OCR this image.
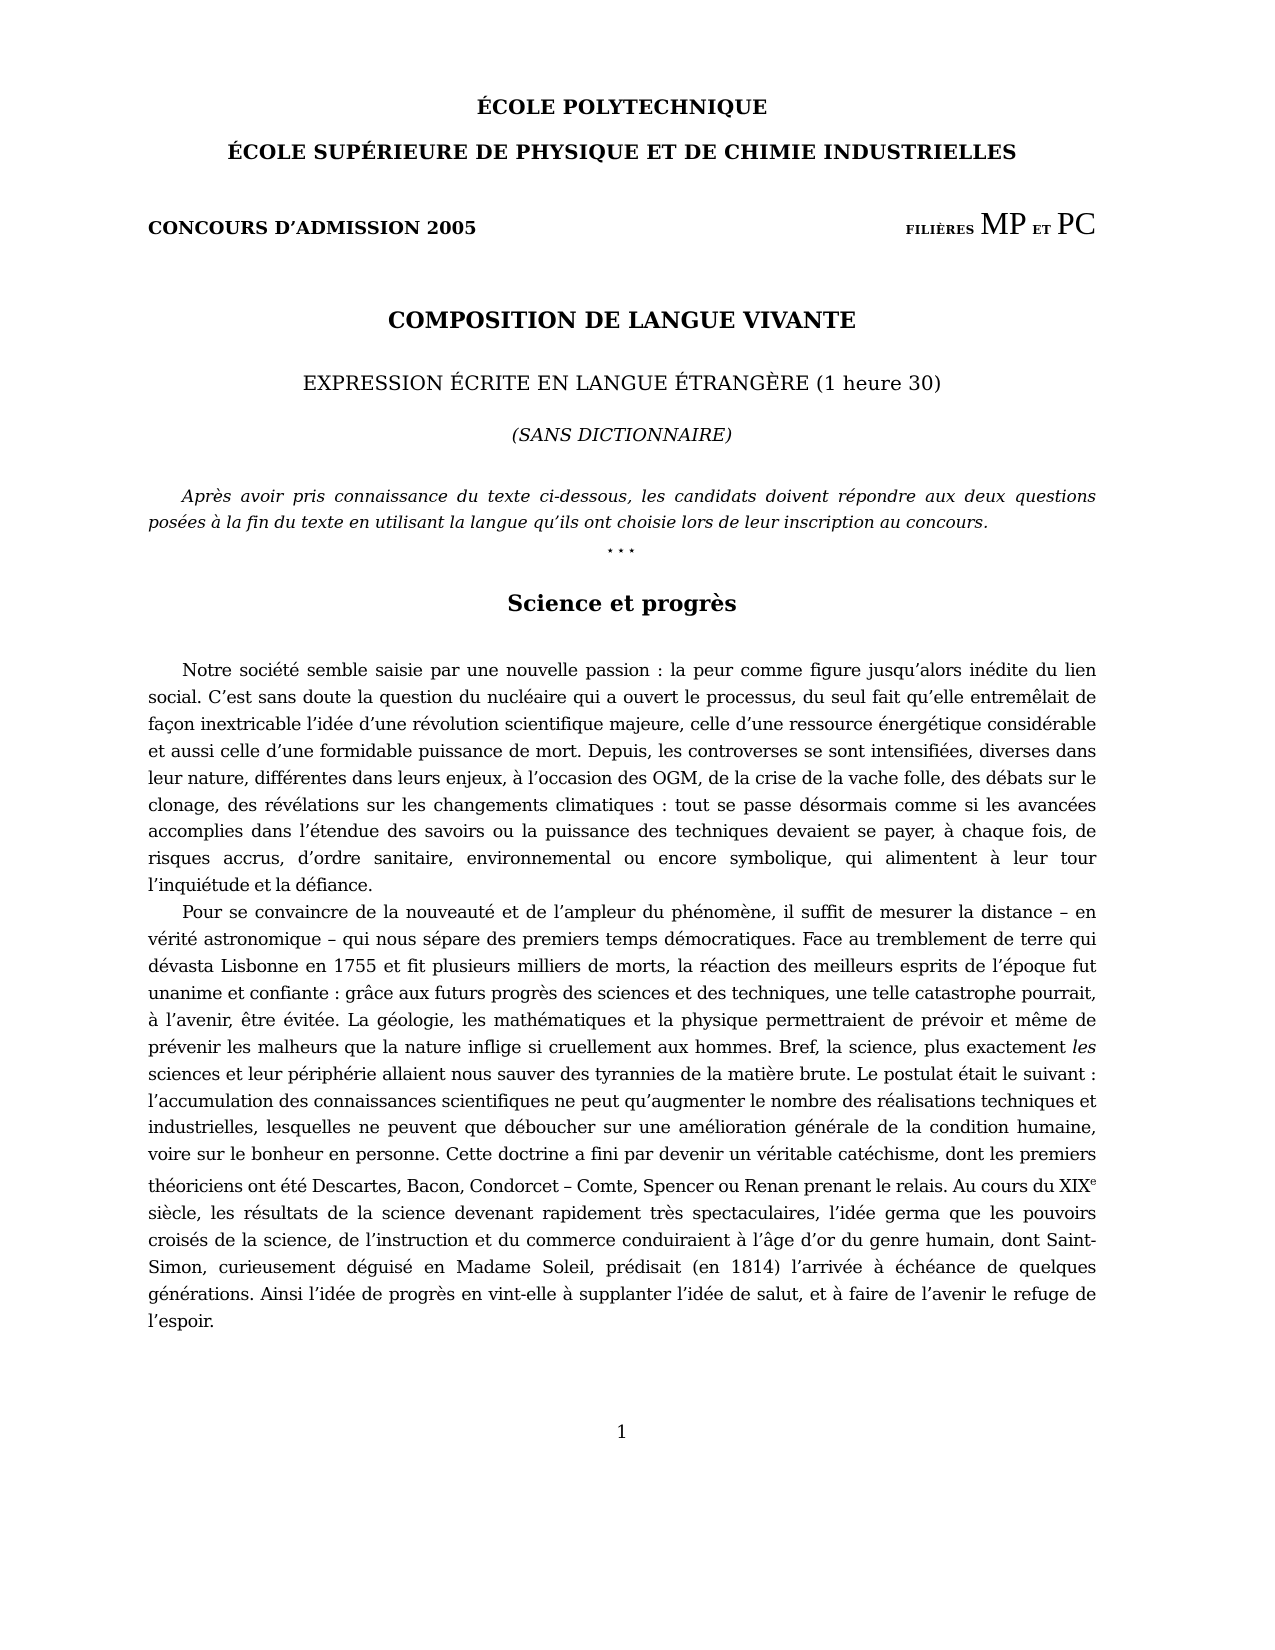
ÉCOLE POLYTECHNIQUE
ÉCOLE SUPÉRIEURE DE PHYSIQUE ET DE CHIMIE INDUSTRIELLES
CONCOURS D’ADMISSION 2005	filières MP et PC
COMPOSITION DE LANGUE VIVANTE
EXPRESSION ÉCRITE EN LANGUE ÉTRANGÈRE (1 heure 30)
(SANS DICTIONNAIRE)
Après avoir pris connaissance du texte ci-dessous, les candidats doivent répondre aux deux questions posées à la fin du texte en utilisant la langue qu’ils ont choisie lors de leur inscription au concours.
⋆⋆⋆
Science et progrès

Notre société semble saisie par une nouvelle passion : la peur comme figure jusqu’alors inédite du lien social. C’est sans doute la question du nucléaire qui a ouvert le processus, du seul fait qu’elle entremêlait de façon inextricable l’idée d’une révolution scientifique majeure, celle d’une ressource énergétique considérable et aussi celle d’une formidable puissance de mort. Depuis, les controverses se sont intensifiées, diverses dans leur nature, différentes dans leurs enjeux, à l’occasion des OGM, de la crise de la vache folle, des débats sur le clonage, des révélations sur les changements climatiques : tout se passe désormais comme si les avancées accomplies dans l’étendue des savoirs ou la puissance des techniques devaient se payer, à chaque fois, de risques accrus, d’ordre sanitaire, environnemental ou encore symbolique, qui alimentent à leur tour l’inquiétude et la défiance.

Pour se convaincre de la nouveauté et de l’ampleur du phénomène, il suffit de mesurer la distance – en vérité astronomique – qui nous sépare des premiers temps démocratiques. Face au tremblement de terre qui dévasta Lisbonne en 1755 et fit plusieurs milliers de morts, la réaction des meilleurs esprits de l’époque fut unanime et confiante : grâce aux futurs progrès des sciences et des techniques, une telle catastrophe pourrait, à l’avenir, être évitée. La géologie, les mathématiques et la physique permettraient de prévoir et même de prévenir les malheurs que la nature inflige si cruellement aux hommes. Bref, la science, plus exactement les sciences et leur périphérie allaient nous sauver des tyrannies de la matière brute. Le postulat était le suivant : l’accumulation des connaissances scientifiques ne peut qu’augmenter le nombre des réalisations techniques et industrielles, lesquelles ne peuvent que déboucher sur une amélioration générale de la condition humaine, voire sur le bonheur en personne. Cette doctrine a fini par devenir un véritable catéchisme, dont les premiers théoriciens ont été Descartes, Bacon, Condorcet – Comte, Spencer ou Renan prenant le relais. Au cours du XIXe siècle, les résultats de la science devenant rapidement très spectaculaires, l’idée germa que les pouvoirs croisés de la science, de l’instruction et du commerce conduiraient à l’âge d’or du genre humain, dont Saint-Simon, curieusement déguisé en Madame Soleil, prédisait (en 1814) l’arrivée à échéance de quelques générations. Ainsi l’idée de progrès en vint-elle à supplanter l’idée de salut, et à faire de l’avenir le refuge de l’espoir.

1
